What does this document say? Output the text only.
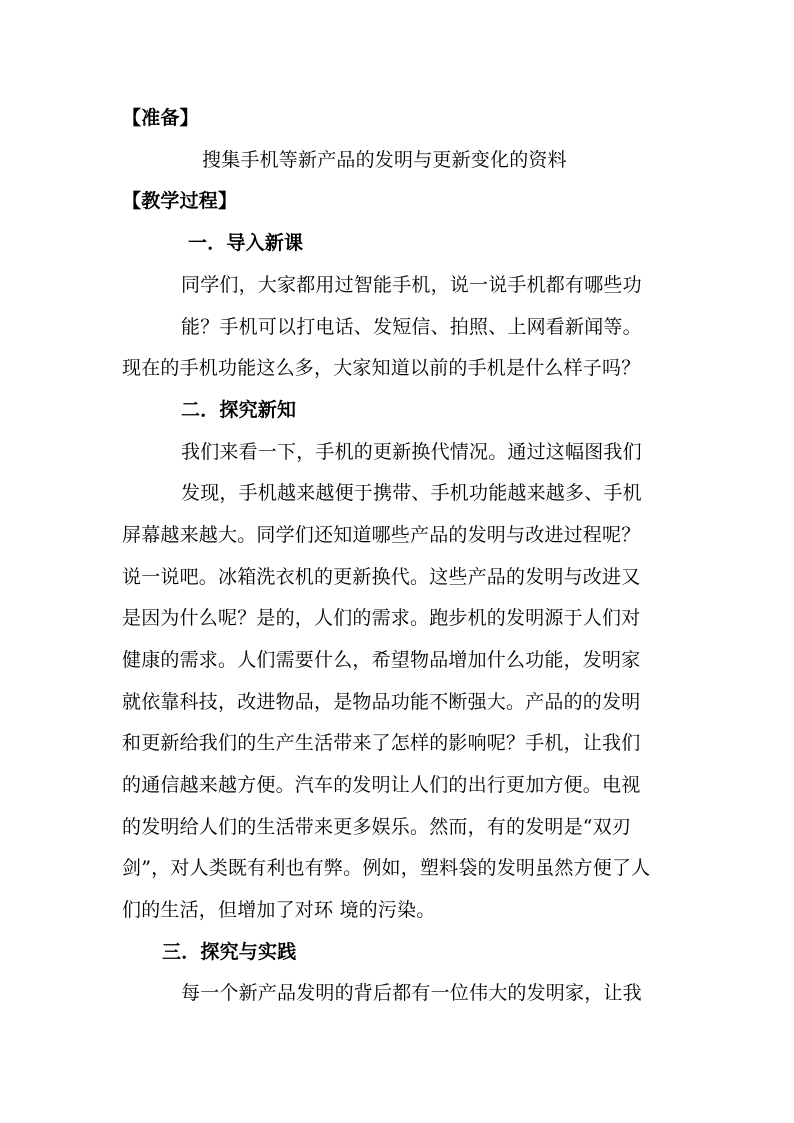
【准备】
搜集手机等新产品的发明与更新变化的资料
【教学过程】
一．导入新课
同学们，大家都用过智能手机，说一说手机都有哪些功
能？手机可以打电话、发短信、拍照、上网看新闻等。
现在的手机功能这么多，大家知道以前的手机是什么样子吗？
二．探究新知
我们来看一下，手机的更新换代情况。通过这幅图我们
发现，手机越来越便于携带、手机功能越来越多、手机
屏幕越来越大。同学们还知道哪些产品的发明与改进过程呢？
说一说吧。冰箱洗衣机的更新换代。这些产品的发明与改进又
是因为什么呢？是的，人们的需求。跑步机的发明源于人们对
健康的需求。人们需要什么，希望物品增加什么功能，发明家
就依靠科技，改进物品，是物品功能不断强大。产品的的发明
和更新给我们的生产生活带来了怎样的影响呢？手机，让我们
的通信越来越方便。汽车的发明让人们的出行更加方便。电视
的发明给人们的生活带来更多娱乐。然而，有的发明是“双刃
剑”，对人类既有利也有弊。例如，塑料袋的发明虽然方便了人
们的生活，但增加了对环 境的污染。
三．探究与实践
每一个新产品发明的背后都有一位伟大的发明家，让我
